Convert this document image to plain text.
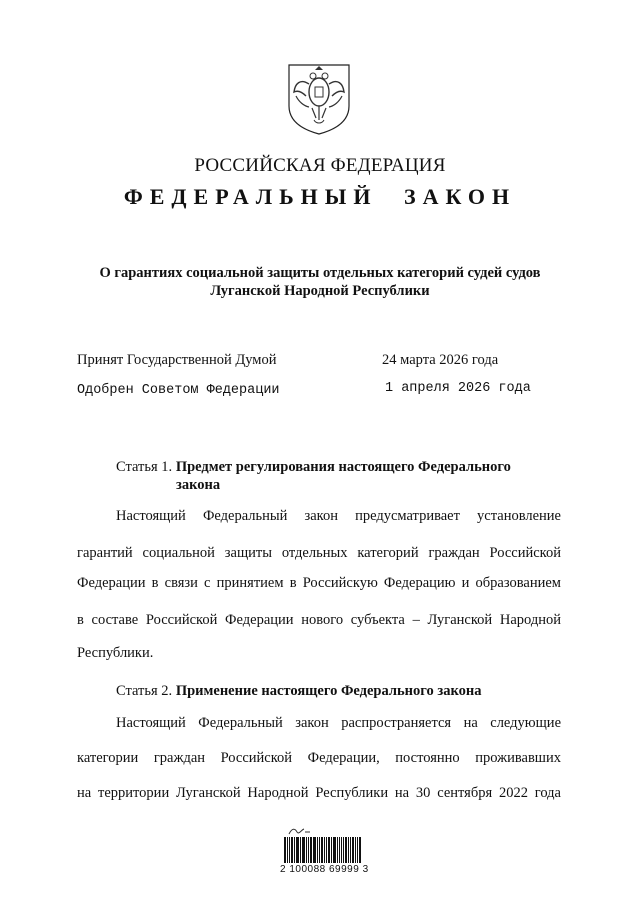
РОССИЙСКАЯ ФЕДЕРАЦИЯ
ФЕДЕРАЛЬНЫЙ ЗАКОН
О гарантиях социальной защиты отдельных категорий судей судов
Луганской Народной Республики
Принят Государственной Думой	24 марта 2026 года
Одобрен Советом Федерации	1 апреля 2026 года
Статья 1. Предмет регулирования настоящего Федерального
закона
Настоящий Федеральный закон предусматривает установление
гарантий социальной защиты отдельных категорий граждан Российской
Федерации в связи с принятием в Российскую Федерацию и образованием
в составе Российской Федерации нового субъекта – Луганской Народной
Республики.
Статья 2. Применение настоящего Федерального закона
Настоящий Федеральный закон распространяется на следующие
категории граждан Российской Федерации, постоянно проживавших
на территории Луганской Народной Республики на 30 сентября 2022 года
2 100088 69999 3
